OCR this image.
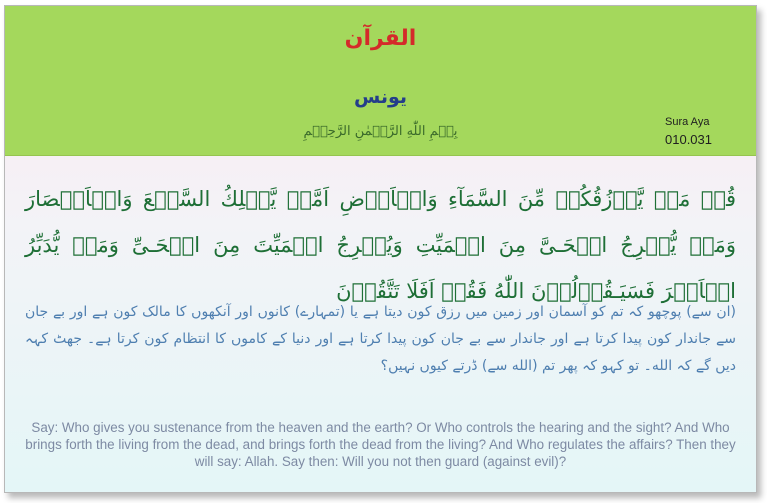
القرآن
يونس
بِسۡمِ اللّٰهِ الرَّحۡمٰنِ الرَّحِيۡمِ
Sura Aya
010.031
قُلۡ مَنۡ يَّرۡزُقُكُمۡ مِّنَ السَّمَآءِ وَالۡاَرۡضِ اَمَّنۡ يَّمۡلِكُ السَّمۡعَ وَالۡاَبۡصَارَ وَمَنۡ يُّخۡرِجُ الۡحَـىَّ مِنَ الۡمَيِّتِ وَيُخۡرِجُ الۡمَيِّتَ مِنَ الۡحَـىِّ وَمَنۡ يُّدَبِّرُ الۡاَمۡرَ‌ فَسَيَـقُوۡلُوۡنَ اللّٰهُ‌ فَقُلۡ اَفَلَا تَتَّقُوۡنَ
(ان سے) پوچھو کہ تم کو آسمان اور زمین میں رزق کون دیتا ہے یا (تمہارے) کانوں اور آنکھوں کا مالک کون ہے اور بے جان سے جاندار کون پیدا کرتا ہے اور جاندار سے بے جان کون پیدا کرتا ہے اور دنیا کے کاموں کا انتظام کون کرتا ہے۔ جھٹ کہہ دیں گے کہ الله۔ تو کہو کہ پھر تم (الله سے) ڈرتے کیوں نہیں؟
Say: Who gives you sustenance from the heaven and the earth? Or Who controls the hearing and the sight? And Who brings forth the living from the dead, and brings forth the dead from the living? And Who regulates the affairs? Then they will say: Allah. Say then: Will you not then guard (against evil)?
